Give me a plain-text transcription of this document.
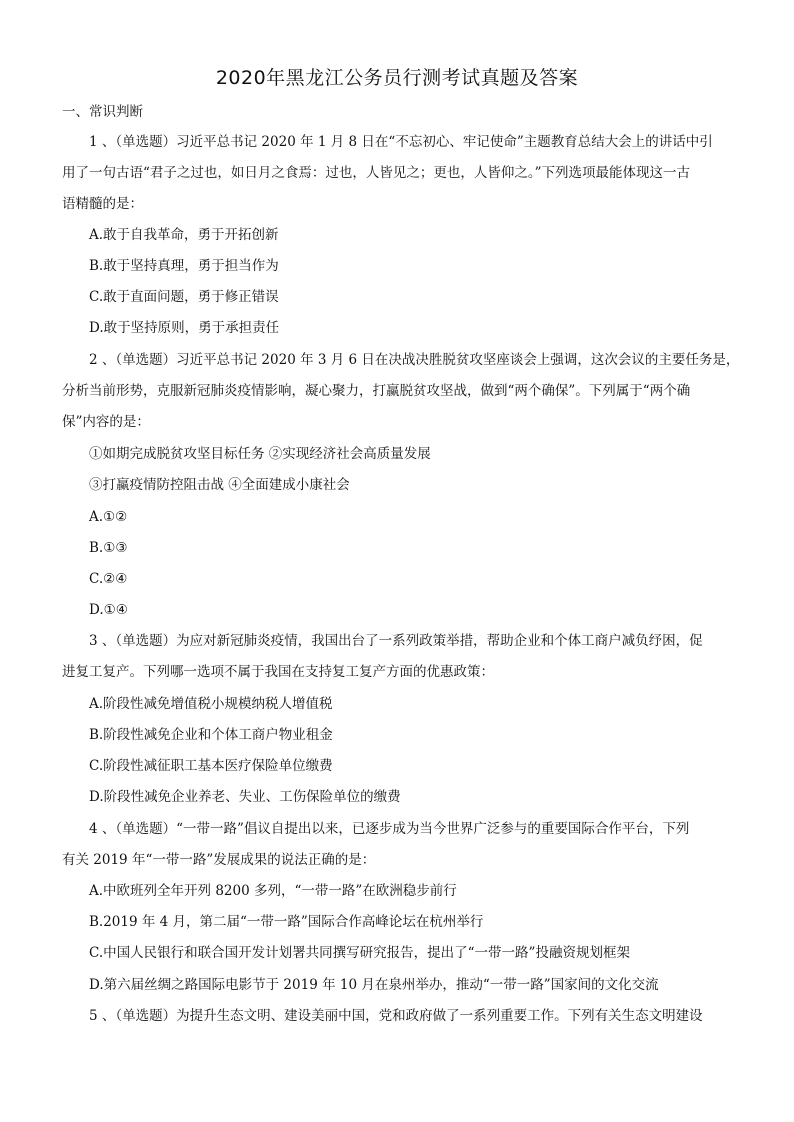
2020年黑龙江公务员行测考试真题及答案
一、常识判断
1 、（单选题）习近平总书记 2020 年 1 月 8 日在“不忘初心、牢记使命”主题教育总结大会上的讲话中引
用了一句古语“君子之过也，如日月之食焉：过也，人皆见之；更也，人皆仰之。”下列选项最能体现这一古
语精髓的是：
A.敢于自我革命，勇于开拓创新
B.敢于坚持真理，勇于担当作为
C.敢于直面问题，勇于修正错误
D.敢于坚持原则，勇于承担责任
2 、（单选题）习近平总书记 2020 年 3 月 6 日在决战决胜脱贫攻坚座谈会上强调，这次会议的主要任务是，
分析当前形势，克服新冠肺炎疫情影响，凝心聚力，打赢脱贫攻坚战，做到“两个确保”。下列属于“两个确
保”内容的是：
①如期完成脱贫攻坚目标任务 ②实现经济社会高质量发展
③打赢疫情防控阻击战 ④全面建成小康社会
A.①②
B.①③
C.②④
D.①④
3 、（单选题）为应对新冠肺炎疫情，我国出台了一系列政策举措，帮助企业和个体工商户减负纾困，促
进复工复产。下列哪一选项不属于我国在支持复工复产方面的优惠政策：
A.阶段性减免增值税小规模纳税人增值税
B.阶段性减免企业和个体工商户物业租金
C.阶段性减征职工基本医疗保险单位缴费
D.阶段性减免企业养老、失业、工伤保险单位的缴费
4 、（单选题）“一带一路”倡议自提出以来，已逐步成为当今世界广泛参与的重要国际合作平台，下列
有关 2019 年“一带一路”发展成果的说法正确的是：
A.中欧班列全年开列 8200 多列，“一带一路”在欧洲稳步前行
B.2019 年 4 月，第二届“一带一路”国际合作高峰论坛在杭州举行
C.中国人民银行和联合国开发计划署共同撰写研究报告，提出了“一带一路”投融资规划框架
D.第六届丝绸之路国际电影节于 2019 年 10 月在泉州举办，推动“一带一路”国家间的文化交流
5 、（单选题）为提升生态文明、建设美丽中国，党和政府做了一系列重要工作。下列有关生态文明建设
